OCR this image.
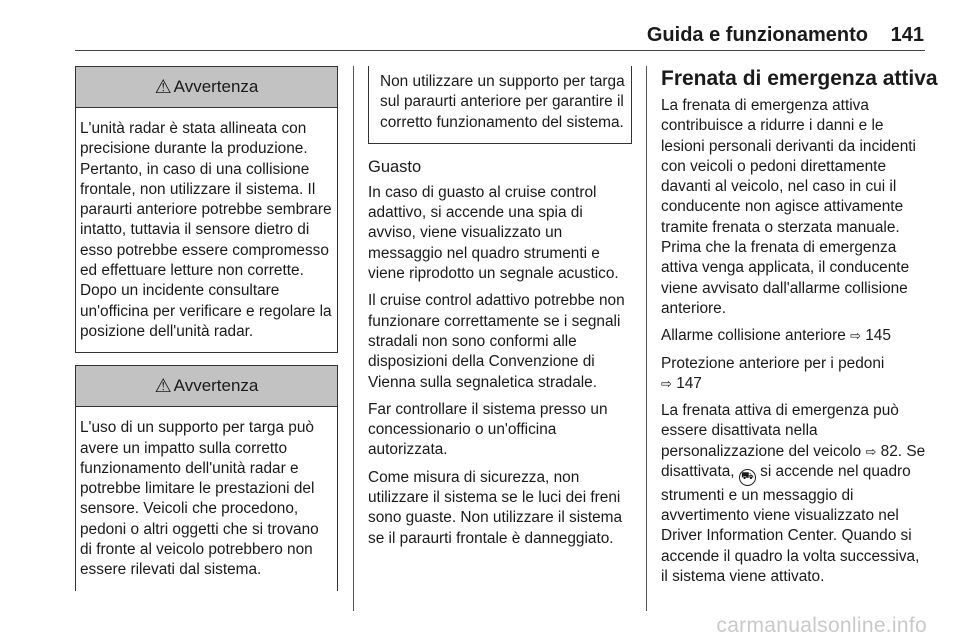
Guida e funzionamento 141
⚠ Avvertenza
L'unità radar è stata allineata con precisione durante la produzione. Pertanto, in caso di una collisione frontale, non utilizzare il sistema. Il paraurti anteriore potrebbe sembrare intatto, tuttavia il sensore dietro di esso potrebbe essere compromesso ed effettuare letture non corrette. Dopo un incidente consultare un'officina per verificare e regolare la posizione dell'unità radar.
⚠ Avvertenza
L'uso di un supporto per targa può avere un impatto sulla corretto funzionamento dell'unità radar e potrebbe limitare le prestazioni del sensore. Veicoli che procedono, pedoni o altri oggetti che si trovano di fronte al veicolo potrebbero non essere rilevati dal sistema.
Non utilizzare un supporto per targa sul paraurti anteriore per garantire il corretto funzionamento del sistema.
Guasto

In caso di guasto al cruise control adattivo, si accende una spia di avviso, viene visualizzato un messaggio nel quadro strumenti e viene riprodotto un segnale acustico.

Il cruise control adattivo potrebbe non funzionare correttamente se i segnali stradali non sono conformi alle disposizioni della Convenzione di Vienna sulla segnaletica stradale.

Far controllare il sistema presso un concessionario o un'officina autorizzata.

Come misura di sicurezza, non utilizzare il sistema se le luci dei freni sono guaste. Non utilizzare il sistema se il paraurti frontale è danneggiato.

Frenata di emergenza attiva

La frenata di emergenza attiva contribuisce a ridurre i danni e le lesioni personali derivanti da incidenti con veicoli o pedoni direttamente davanti al veicolo, nel caso in cui il conducente non agisce attivamente tramite frenata o sterzata manuale. Prima che la frenata di emergenza attiva venga applicata, il conducente viene avvisato dall'allarme collisione anteriore.

Allarme collisione anteriore ⇨ 145

Protezione anteriore per i pedoni
⇨ 147

La frenata attiva di emergenza può essere disattivata nella personalizzazione del veicolo ⇨ 82. Se disattivata, ⛟ si accende nel quadro strumenti e un messaggio di avvertimento viene visualizzato nel Driver Information Center. Quando si accende il quadro la volta successiva, il sistema viene attivato.

carmanualsonline.info
